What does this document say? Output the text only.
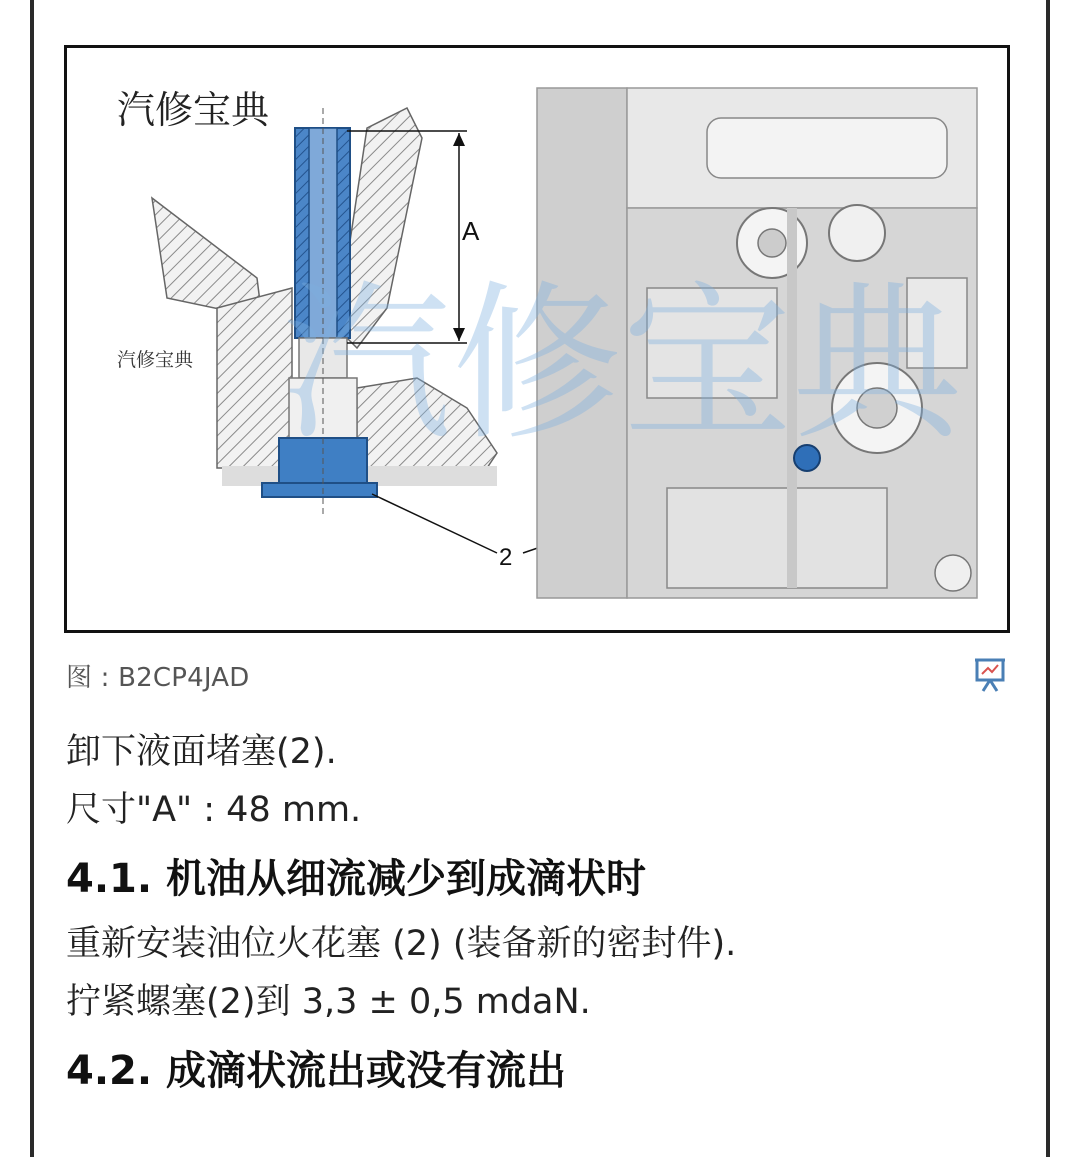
A
2
汽修宝典
汽修宝典 汽修宝典
图 : B2CP4JAD

卸下液面堵塞(2).

尺寸"A" : 48 mm.

4.1. 机油从细流减少到成滴状时

重新安装油位火花塞 (2) (装备新的密封件).

拧紧螺塞(2)到 3,3 ± 0,5 mdaN.

4.2. 成滴状流出或没有流出
